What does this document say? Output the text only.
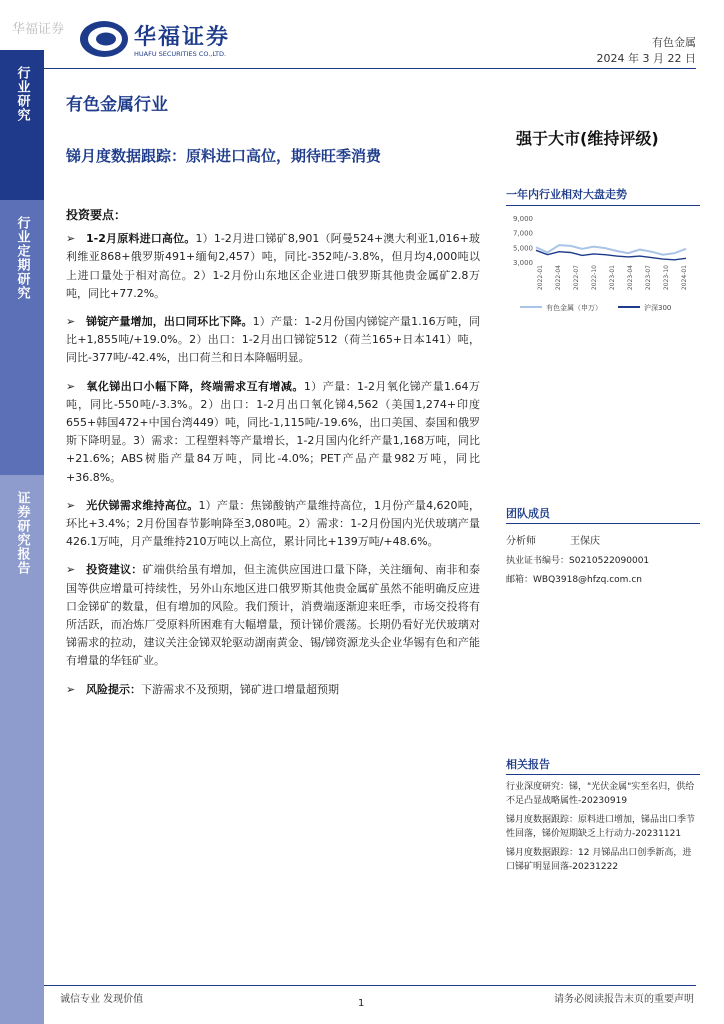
华福证券	华福证券
HUAFU SECURITIES CO.,LTD.
有色金属
2024 年 3 月 22 日
行业研究
行业定期研究
证券研究报告
有色金属行业
强于大市(维持评级)
锑月度数据跟踪：原料进口高位，期待旺季消费
一年内行业相对大盘走势
3,000
5,000
7,000
9,000
2022-01 2022-04 2022-07 2022-10 2023-01 2023-04 2023-07 2023-10 2024-01
有色金属（申万）	沪深300
投资要点：

➢ 1-2月原料进口高位。1）1-2月进口锑矿8,901（阿曼524+澳大利亚1,016+玻利维亚868+俄罗斯491+缅甸2,457）吨，同比-352吨/-3.8%，但月均4,000吨以上进口量处于相对高位。2）1-2月份山东地区企业进口俄罗斯其他贵金属矿2.8万吨，同比+77.2%。

➢ 锑锭产量增加，出口同环比下降。1）产量：1-2月份国内锑锭产量1.16万吨，同比+1,855吨/+19.0%。2）出口：1-2月出口锑锭512（荷兰165+日本141）吨，同比-377吨/-42.4%，出口荷兰和日本降幅明显。

➢ 氧化锑出口小幅下降，终端需求互有增减。1）产量：1-2月氧化锑产量1.64万吨，同比-550吨/-3.3%。2）出口：1-2月出口氧化锑4,562（美国1,274+印度655+韩国472+中国台湾449）吨，同比-1,115吨/-19.6%，出口美国、泰国和俄罗斯下降明显。3）需求：工程塑料等产量增长，1-2月国内化纤产量1,168万吨，同比+21.6%；ABS树脂产量84万吨，同比-4.0%；PET产品产量982万吨，同比+36.8%。

➢ 光伏锑需求维持高位。1）产量：焦锑酸钠产量维持高位，1月份产量4,620吨，环比+3.4%；2月份国春节影响降至3,080吨。2）需求：1-2月份国内光伏玻璃产量426.1万吨，月产量维持210万吨以上高位，累计同比+139万吨/+48.6%。

➢ 投资建议：矿端供给虽有增加，但主流供应国进口量下降，关注缅甸、南非和泰国等供应增量可持续性，另外山东地区进口俄罗斯其他贵金属矿虽然不能明确反应进口金锑矿的数量，但有增加的风险。我们预计，消费端逐渐迎来旺季，市场交投将有所活跃，而冶炼厂受原料所困难有大幅增量，预计锑价震荡。长期仍看好光伏玻璃对锑需求的拉动，建议关注金锑双轮驱动湖南黄金、锡/锑资源龙头企业华锡有色和产能有增量的华钰矿业。

➢ 风险提示：下游需求不及预期，锑矿进口增量超预期

团队成员
分析师	王保庆
执业证书编号：S0210522090001
邮箱：WBQ3918@hfzq.com.cn
相关报告
行业深度研究：锑，"光伏金属"实至名归，供给不足凸显战略属性-20230919
锑月度数据跟踪：原料进口增加，锑品出口季节性回落，锑价短期缺乏上行动力-20231121
锑月度数据跟踪：12 月锑品出口创季新高，进口锑矿明显回落-20231222
诚信专业 发现价值	1	请务必阅读报告末页的重要声明
